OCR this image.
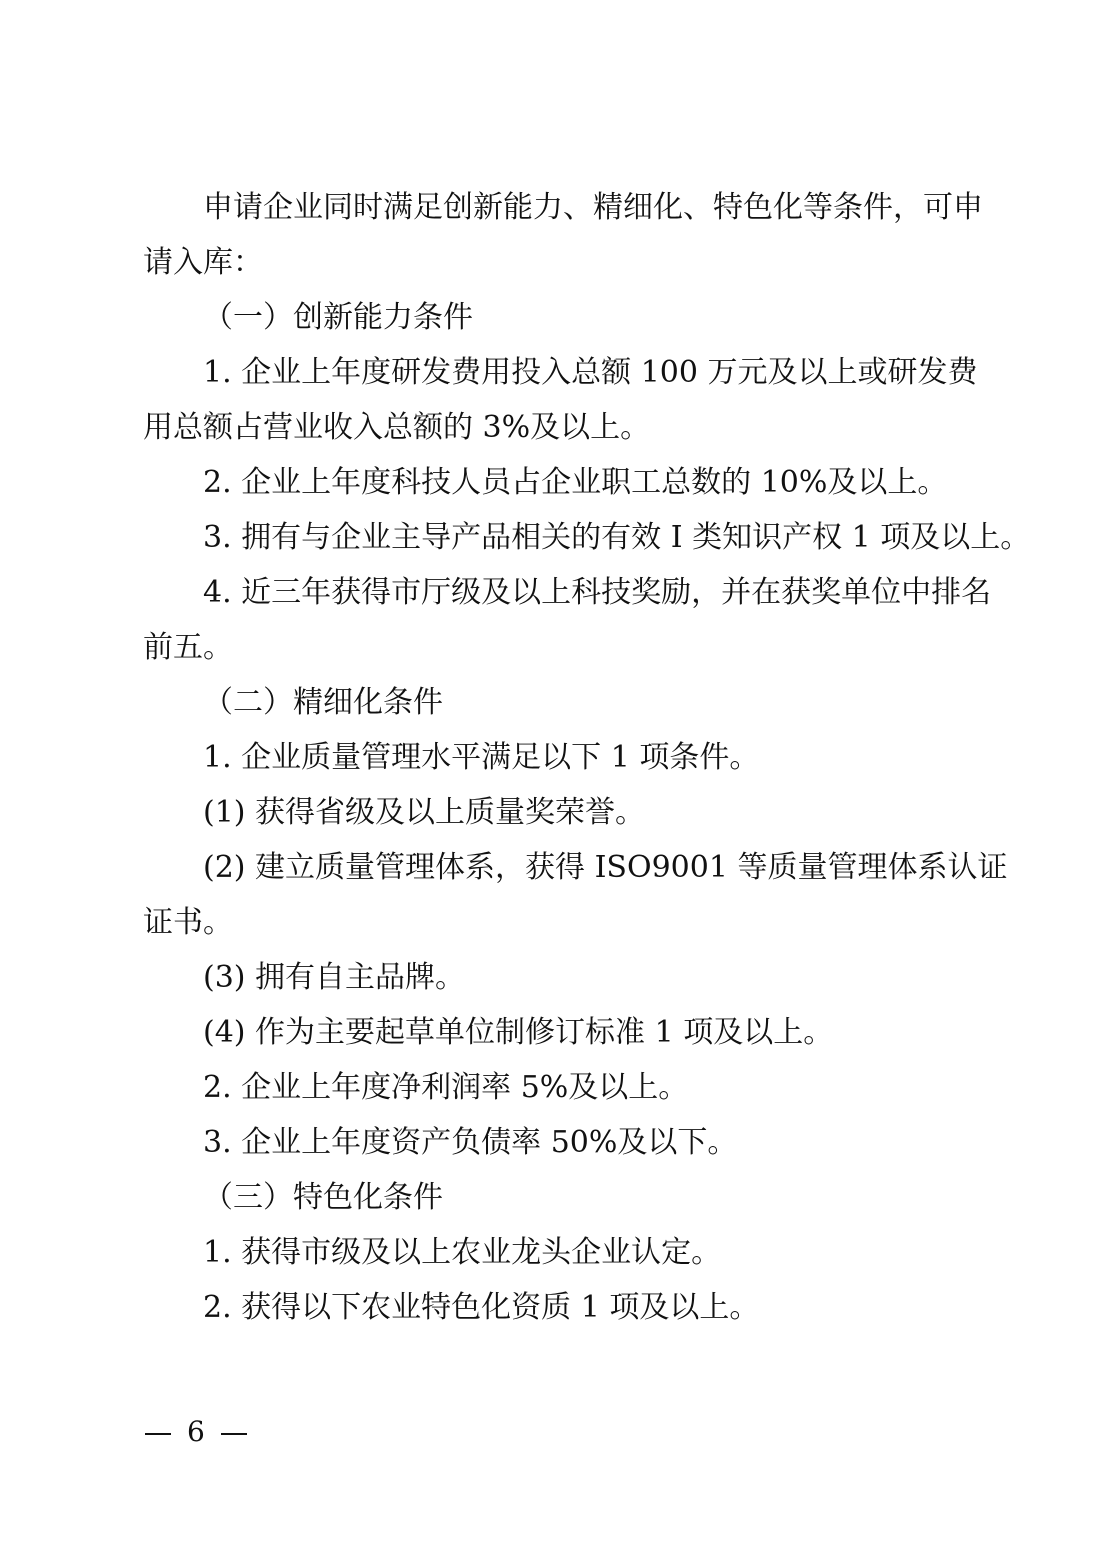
申请企业同时满足创新能力、精细化、特色化等条件，可申
请入库：
（一）创新能力条件
1. 企业上年度研发费用投入总额 100 万元及以上或研发费
用总额占营业收入总额的 3%及以上。
2. 企业上年度科技人员占企业职工总数的 10%及以上。
3. 拥有与企业主导产品相关的有效 I 类知识产权 1 项及以上。
4. 近三年获得市厅级及以上科技奖励，并在获奖单位中排名
前五。
（二）精细化条件
1. 企业质量管理水平满足以下 1 项条件。
(1) 获得省级及以上质量奖荣誉。
(2) 建立质量管理体系，获得 ISO9001 等质量管理体系认证
证书。
(3) 拥有自主品牌。
(4) 作为主要起草单位制修订标准 1 项及以上。
2. 企业上年度净利润率 5%及以上。
3. 企业上年度资产负债率 50%及以下。
（三）特色化条件
1. 获得市级及以上农业龙头企业认定。
2. 获得以下农业特色化资质 1 项及以上。
6
